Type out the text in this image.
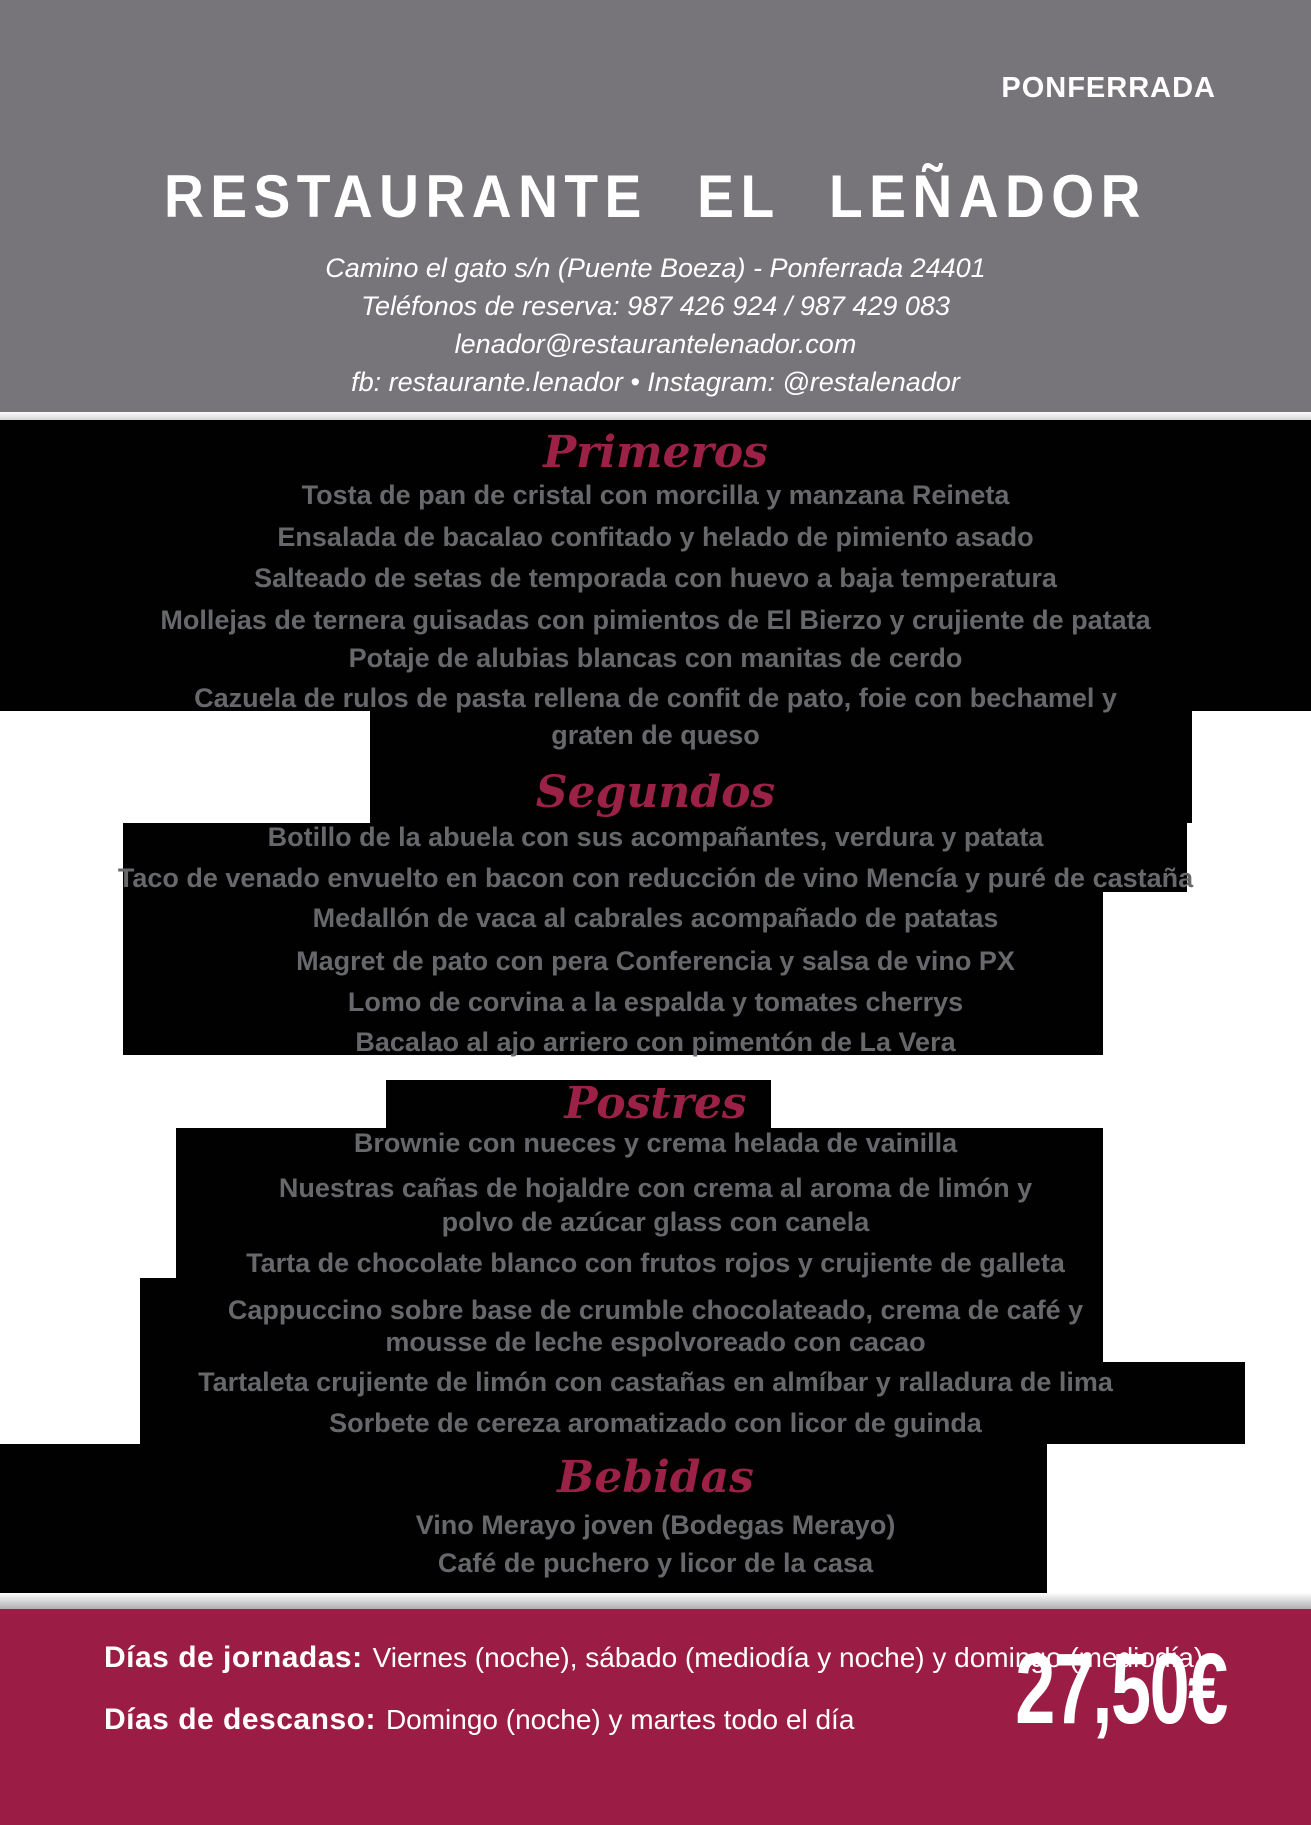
PONFERRADA
RESTAURANTE EL LEÑADOR
Camino el gato s/n (Puente Boeza) - Ponferrada 24401
Teléfonos de reserva: 987 426 924 / 987 429 083
lenador@restaurantelenador.com
fb: restaurante.lenador • Instagram: @restalenador
Primeros
Tosta de pan de cristal con morcilla y manzana Reineta
Ensalada de bacalao confitado y helado de pimiento asado
Salteado de setas de temporada con huevo a baja temperatura
Mollejas de ternera guisadas con pimientos de El Bierzo y crujiente de patata
Potaje de alubias blancas con manitas de cerdo
Cazuela de rulos de pasta rellena de confit de pato, foie con bechamel y
graten de queso
Segundos
Botillo de la abuela con sus acompañantes, verdura y patata
Taco de venado envuelto en bacon con reducción de vino Mencía y puré de castaña
Medallón de vaca al cabrales acompañado de patatas
Magret de pato con pera Conferencia y salsa de vino PX
Lomo de corvina a la espalda y tomates cherrys
Bacalao al ajo arriero con pimentón de La Vera
Postres
Brownie con nueces y crema helada de vainilla
Nuestras cañas de hojaldre con crema al aroma de limón y
polvo de azúcar glass con canela
Tarta de chocolate blanco con frutos rojos y crujiente de galleta
Cappuccino sobre base de crumble chocolateado, crema de café y
mousse de leche espolvoreado con cacao
Tartaleta crujiente de limón con castañas en almíbar y ralladura de lima
Sorbete de cereza aromatizado con licor de guinda
Bebidas
Vino Merayo joven (Bodegas Merayo)
Café de puchero y licor de la casa
Días de jornadas: Viernes (noche), sábado (mediodía y noche) y domingo (mediodía)
Días de descanso: Domingo (noche) y martes todo el día 27,50€
